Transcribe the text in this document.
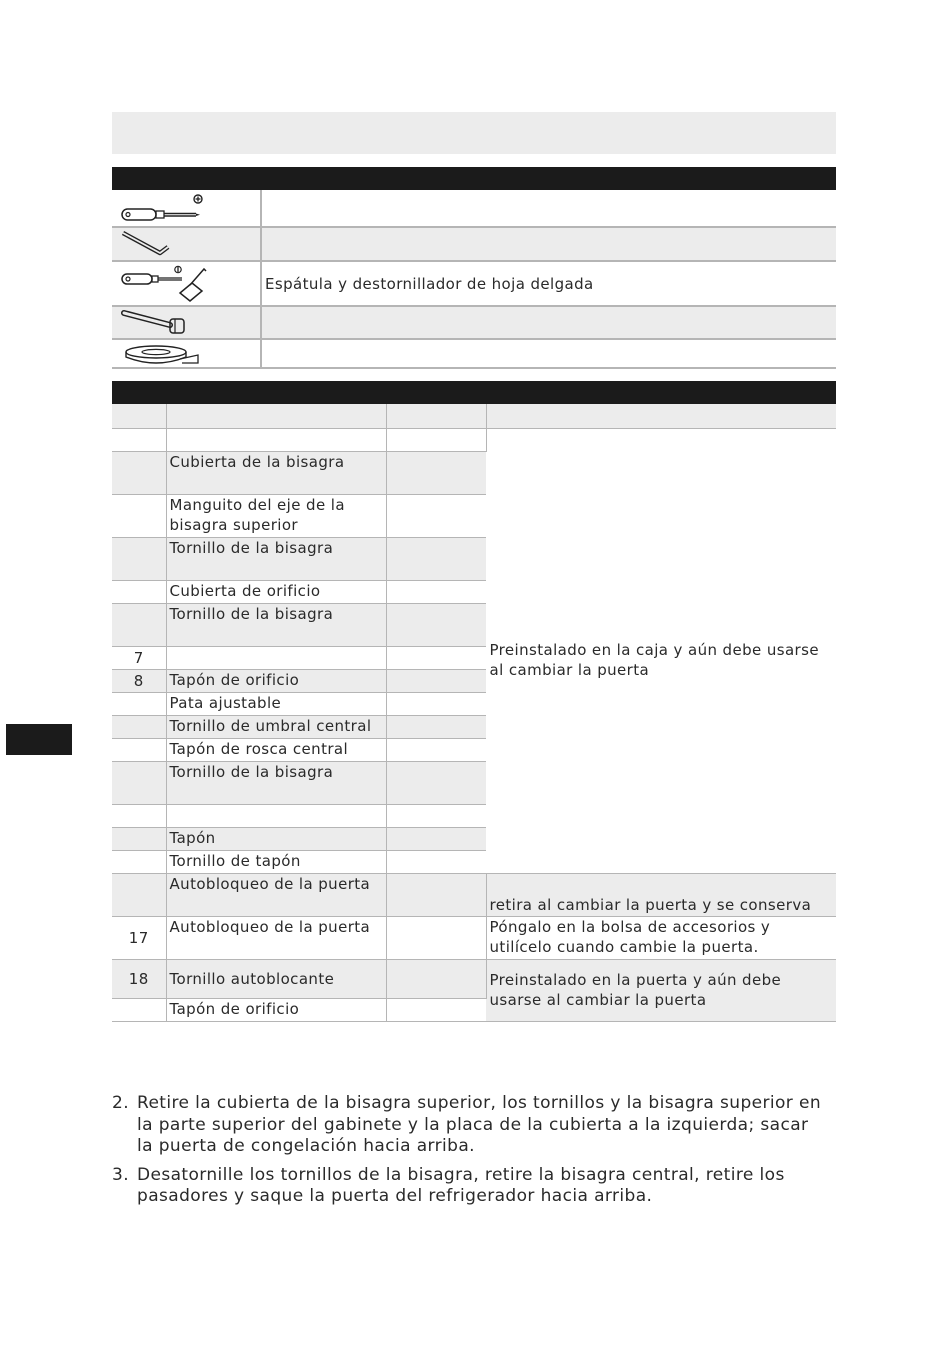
	Espátula y destornillador de hoja delgada

			Preinstalado en la caja y aún debe usarse al cambiar la puerta
	Cubierta de la bisagra		
	Manguito del eje de la bisagra superior		
	Tornillo de la bisagra		
	Cubierta de orificio		
	Tornillo de la bisagra		
7			
8	Tapón de orificio		
	Pata ajustable		
	Tornillo de umbral central		
	Tapón de rosca central		
	Tornillo de la bisagra		

	Tapón		
	Tornillo de tapón		
	Autobloqueo de la puerta		retira al cambiar la puerta y se conserva
17	Autobloqueo de la puerta		Póngalo en la bolsa de accesorios y utilícelo cuando cambie la puerta.
18	Tornillo autoblocante		Preinstalado en la puerta y aún debe usarse al cambiar la puerta
	Tapón de orificio		
2. Retire la cubierta de la bisagra superior, los tornillos y la bisagra superior en la parte superior del gabinete y la placa de la cubierta a la izquierda; sacar la puerta de congelación hacia arriba.
3. Desatornille los tornillos de la bisagra, retire la bisagra central, retire los pasadores y saque la puerta del refrigerador hacia arriba.
